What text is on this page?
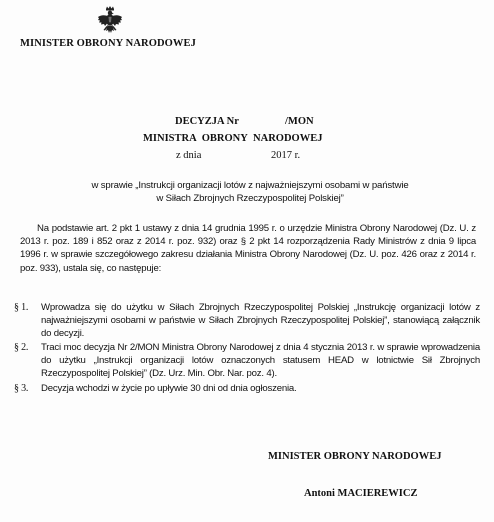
MINISTER OBRONY NARODOWEJ
DECYZJA Nr	/MON
MINISTRA OBRONY NARODOWEJ
z dnia	2017 r.
w sprawie „Instrukcji organizacji lotów z najważniejszymi osobami w państwie
w Siłach Zbrojnych Rzeczypospolitej Polskiej”
Na podstawie art. 2 pkt 1 ustawy z dnia 14 grudnia 1995 r. o urzędzie Ministra Obrony Narodowej (Dz. U. z 2013 r. poz. 189 i 852 oraz z 2014 r. poz. 932) oraz § 2 pkt 14 rozporządzenia Rady Ministrów z dnia 9 lipca 1996 r. w sprawie szczegółowego zakresu działania Ministra Obrony Narodowej (Dz. U. poz. 426 oraz z 2014 r. poz. 933), ustala się, co następuje:
§ 1.	Wprowadza się do użytku w Siłach Zbrojnych Rzeczypospolitej Polskiej „Instrukcję organizacji lotów z najważniejszymi osobami w państwie w Siłach Zbrojnych Rzeczypospolitej Polskiej”, stanowiącą załącznik do decyzji.
§ 2.	Traci moc decyzja Nr 2/MON Ministra Obrony Narodowej z dnia 4 stycznia 2013 r. w sprawie wprowadzenia do użytku „Instrukcji organizacji lotów oznaczonych statusem HEAD w lotnictwie Sił Zbrojnych Rzeczypospolitej Polskiej” (Dz. Urz. Min. Obr. Nar. poz. 4).
§ 3.	Decyzja wchodzi w życie po upływie 30 dni od dnia ogłoszenia.
MINISTER OBRONY NARODOWEJ
Antoni MACIEREWICZ
